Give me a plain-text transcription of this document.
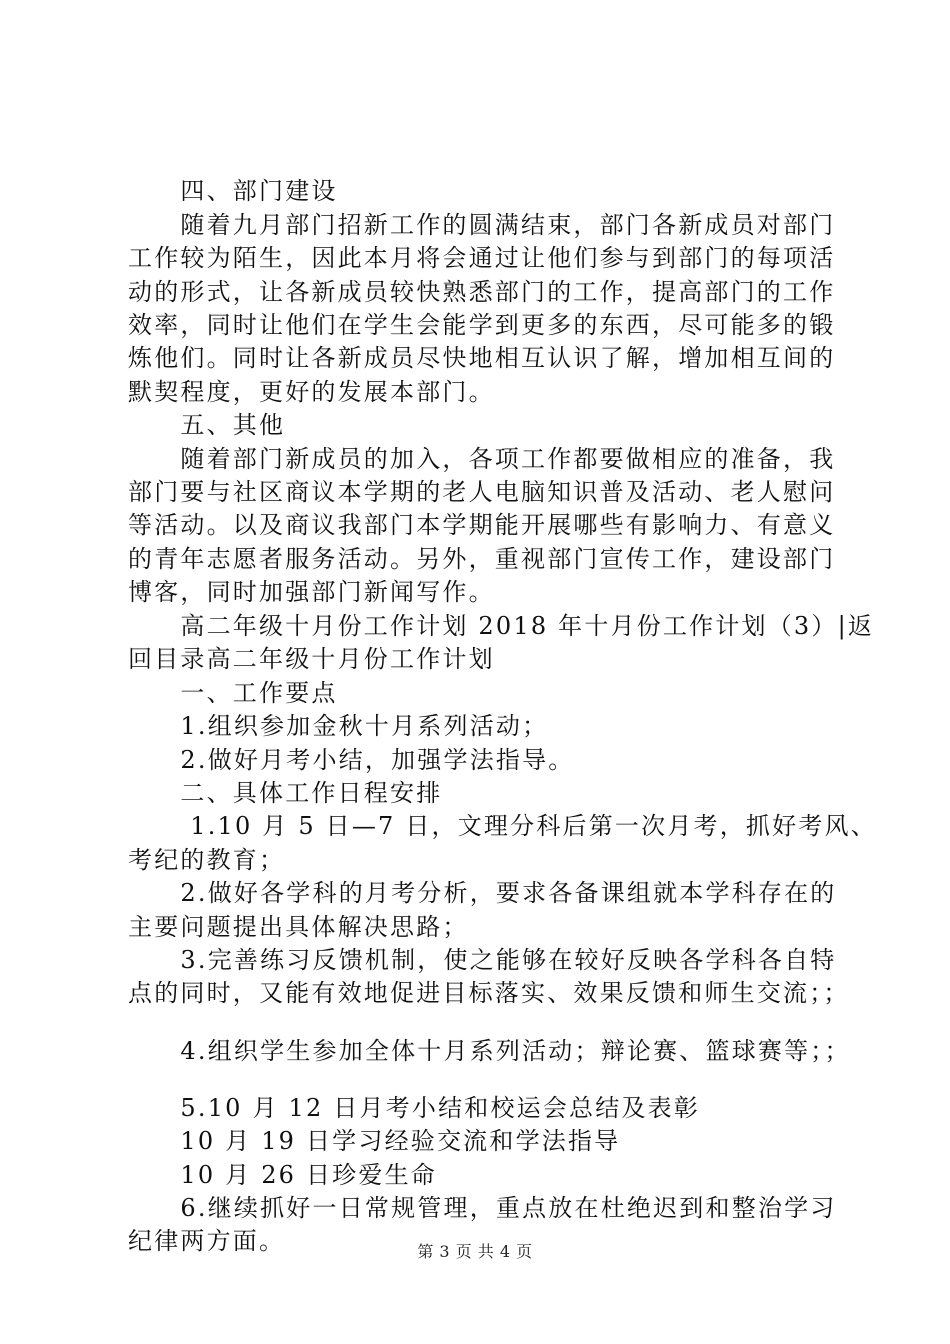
　　四、部门建设
　　随着九月部门招新工作的圆满结束，部门各新成员对部门
工作较为陌生，因此本月将会通过让他们参与到部门的每项活
动的形式，让各新成员较快熟悉部门的工作，提高部门的工作
效率，同时让他们在学生会能学到更多的东西，尽可能多的锻
炼他们。同时让各新成员尽快地相互认识了解，增加相互间的
默契程度，更好的发展本部门。
　　五、其他
　　随着部门新成员的加入，各项工作都要做相应的准备，我
部门要与社区商议本学期的老人电脑知识普及活动、老人慰问
等活动。以及商议我部门本学期能开展哪些有影响力、有意义
的青年志愿者服务活动。另外，重视部门宣传工作，建设部门
博客，同时加强部门新闻写作。
　　高二年级十月份工作计划 2018 年十月份工作计划（3）|返
回目录高二年级十月份工作计划
　　一、工作要点
　　1.组织参加金秋十月系列活动；
　　2.做好月考小结，加强学法指导。
　　二、具体工作日程安排
　　 1.10 月 5 日—7 日，文理分科后第一次月考，抓好考风、
考纪的教育；
　　2.做好各学科的月考分析，要求各备课组就本学科存在的
主要问题提出具体解决思路；
　　3.完善练习反馈机制，使之能够在较好反映各学科各自特
点的同时，又能有效地促进目标落实、效果反馈和师生交流；；
　　4.组织学生参加全体十月系列活动；辩论赛、篮球赛等；；
　　5.10 月 12 日月考小结和校运会总结及表彰
　　10 月 19 日学习经验交流和学法指导
　　10 月 26 日珍爱生命
　　6.继续抓好一日常规管理，重点放在杜绝迟到和整治学习
纪律两方面。	第 3 页 共 4 页
